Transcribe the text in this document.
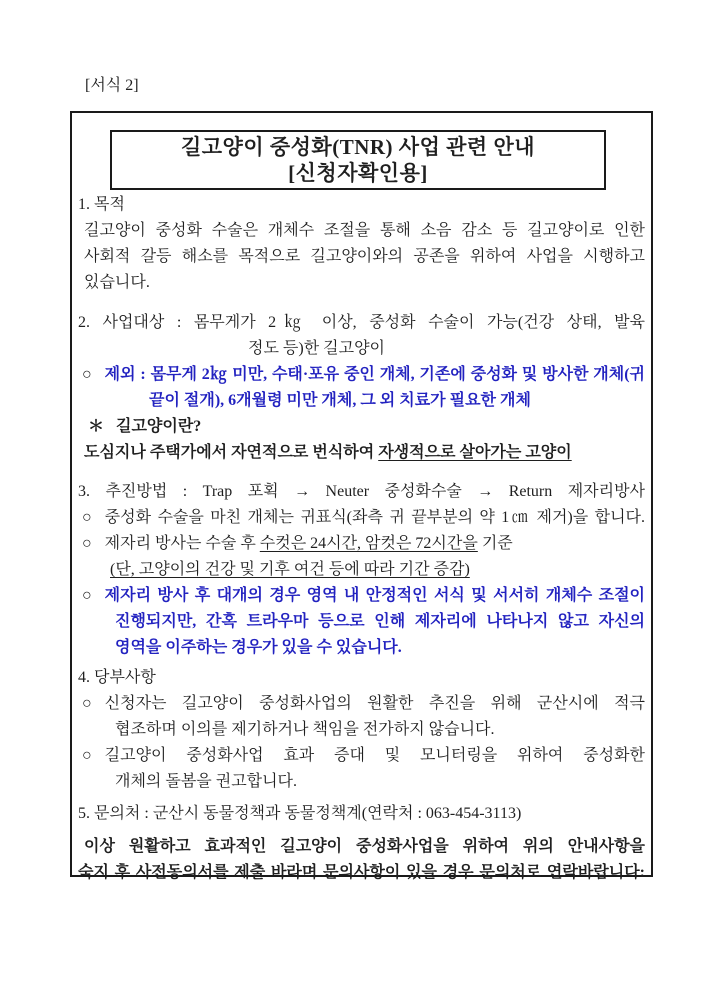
[서식 2]
길고양이 중성화(TNR) 사업 관련 안내
[신청자확인용]
1. 목적
길고양이 중성화 수술은 개체수 조절을 통해 소음 감소 등 길고양이로 인한
사회적 갈등 해소를 목적으로 길고양이와의 공존을 위하여 사업을 시행하고
있습니다.
2. 사업대상 : 몸무게가 2㎏ 이상, 중성화 수술이 가능(건강 상태, 발육
정도 등)한 길고양이
○ 제외 : 몸무게 2㎏ 미만, 수태·포유 중인 개체, 기존에 중성화 및 방사한 개체(귀
끝이 절개), 6개월령 미만 개체, 그 외 치료가 필요한 개체
＊ 길고양이란?
도심지나 주택가에서 자연적으로 번식하여 자생적으로 살아가는 고양이
3. 추진방법 : Trap 포획 → Neuter 중성화수술 → Return 제자리방사
○ 중성화 수술을 마친 개체는 귀표식(좌측 귀 끝부분의 약 1㎝ 제거)을 합니다.
○ 제자리 방사는 수술 후 수컷은 24시간, 암컷은 72시간을 기준
(단, 고양이의 건강 및 기후 여건 등에 따라 기간 증감)
○ 제자리 방사 후 대개의 경우 영역 내 안정적인 서식 및 서서히 개체수 조절이
진행되지만, 간혹 트라우마 등으로 인해 제자리에 나타나지 않고 자신의
영역을 이주하는 경우가 있을 수 있습니다.
4. 당부사항
○ 신청자는 길고양이 중성화사업의 원활한 추진을 위해 군산시에 적극
협조하며 이의를 제기하거나 책임을 전가하지 않습니다.
○ 길고양이 중성화사업 효과 증대 및 모니터링을 위하여 중성화한
개체의 돌봄을 권고합니다.
5. 문의처 : 군산시 동물정책과 동물정책계(연락처 : 063-454-3113)
이상 원활하고 효과적인 길고양이 중성화사업을 위하여 위의 안내사항을
숙지 후 사전동의서를 제출 바라며 문의사항이 있을 경우 문의처로 연락바랍니다:
